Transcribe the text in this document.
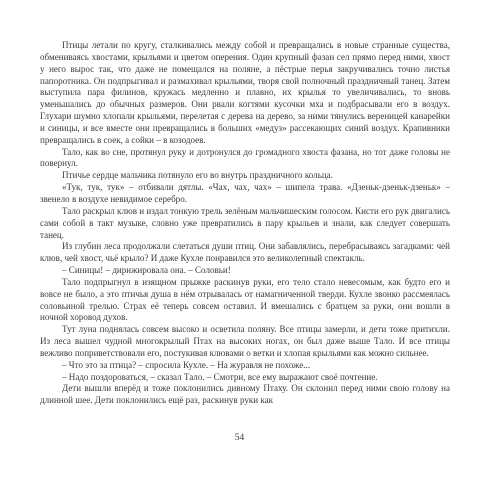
Птицы летали по кругу, сталкивались между собой и превращались в новые странные существа, обмениваясь хвостами, крыльями и цветом оперения. Один крупный фазан сел прямо перед ними, хвост у него вырос так, что даже не помещался на поляне, а пёстрые перья закручивались точно листья папоротника. Он подпрыгивал и размахивал крыльями, творя свой полночный праздничный танец. Затем выступила пара филинов, кружась медленно и плавно, их крылья то увеличивались, то вновь уменьшались до обычных размеров. Они рвали когтями кусочки мха и подбрасывали его в воздух. Глухари шумно хлопали крыльями, перелетая с дерева на дерево, за ними тянулись вереницей канарейки и синицы, и все вместе они превращались в больших «медуз» рассекающих синий воздух. Крапивники превращались в соек, а сойки – в козодоев.

Тало, как во сне, протянул руку и дотронулся до громадного хвоста фазана, но тот даже головы не повернул.

Птичье сердце мальчика потянуло его во внутрь праздничного кольца.

«Тук, тук, тук» – отбивали дятлы. «Чах, чах, чах» – шипела трава. «Дзеньк-дзеньк-дзеньк» – звенело в воздухе невидимое серебро.

Тало раскрыл клюв и издал тонкую трель зелёным мальчишеским голосом. Кисти его рук двигались сами собой в такт музыке, словно уже превратились в пару крыльев и знали, как следует совершать танец.

Из глубин леса продолжали слетаться души птиц. Они забавлялись, перебрасываясь загадками: чей клюв, чей хвост, чьё крыло? И даже Кухле понравился это великолепный спектакль.

– Синицы! – дирижировала она. – Соловьи!

Тало подпрыгнул в изящном прыжке раскинув руки, его тело стало невесомым, как будто его и вовсе не было, а это птичья душа в нём отрывалась от намагниченной тверди. Кухле звонко рассмеялась соловьиной трелью. Страх её теперь совсем оставил. И вмешались с братцем за руки, они вошли в ночной хоровод духов.

Тут луна поднялась совсем высоко и осветила поляну. Все птицы замерли, и дети тоже притихли. Из леса вышел чудной многокрылый Птах на высоких ногах, он был даже выше Тало. И все птицы вежливо поприветствовали его, постукивая клювами о ветки и хлопая крыльями как можно сильнее.

– Что это за птица? – спросила Кухле. – На журавля не похоже...

– Надо поздороваться, – сказал Тало. – Смотри, все ему выражают своё почтение.

Дети вышли вперёд и тоже поклонились дивному Птаху. Он склонил перед ними свою голову на длинной шее. Дети поклонились ещё раз, раскинув руки как

54
